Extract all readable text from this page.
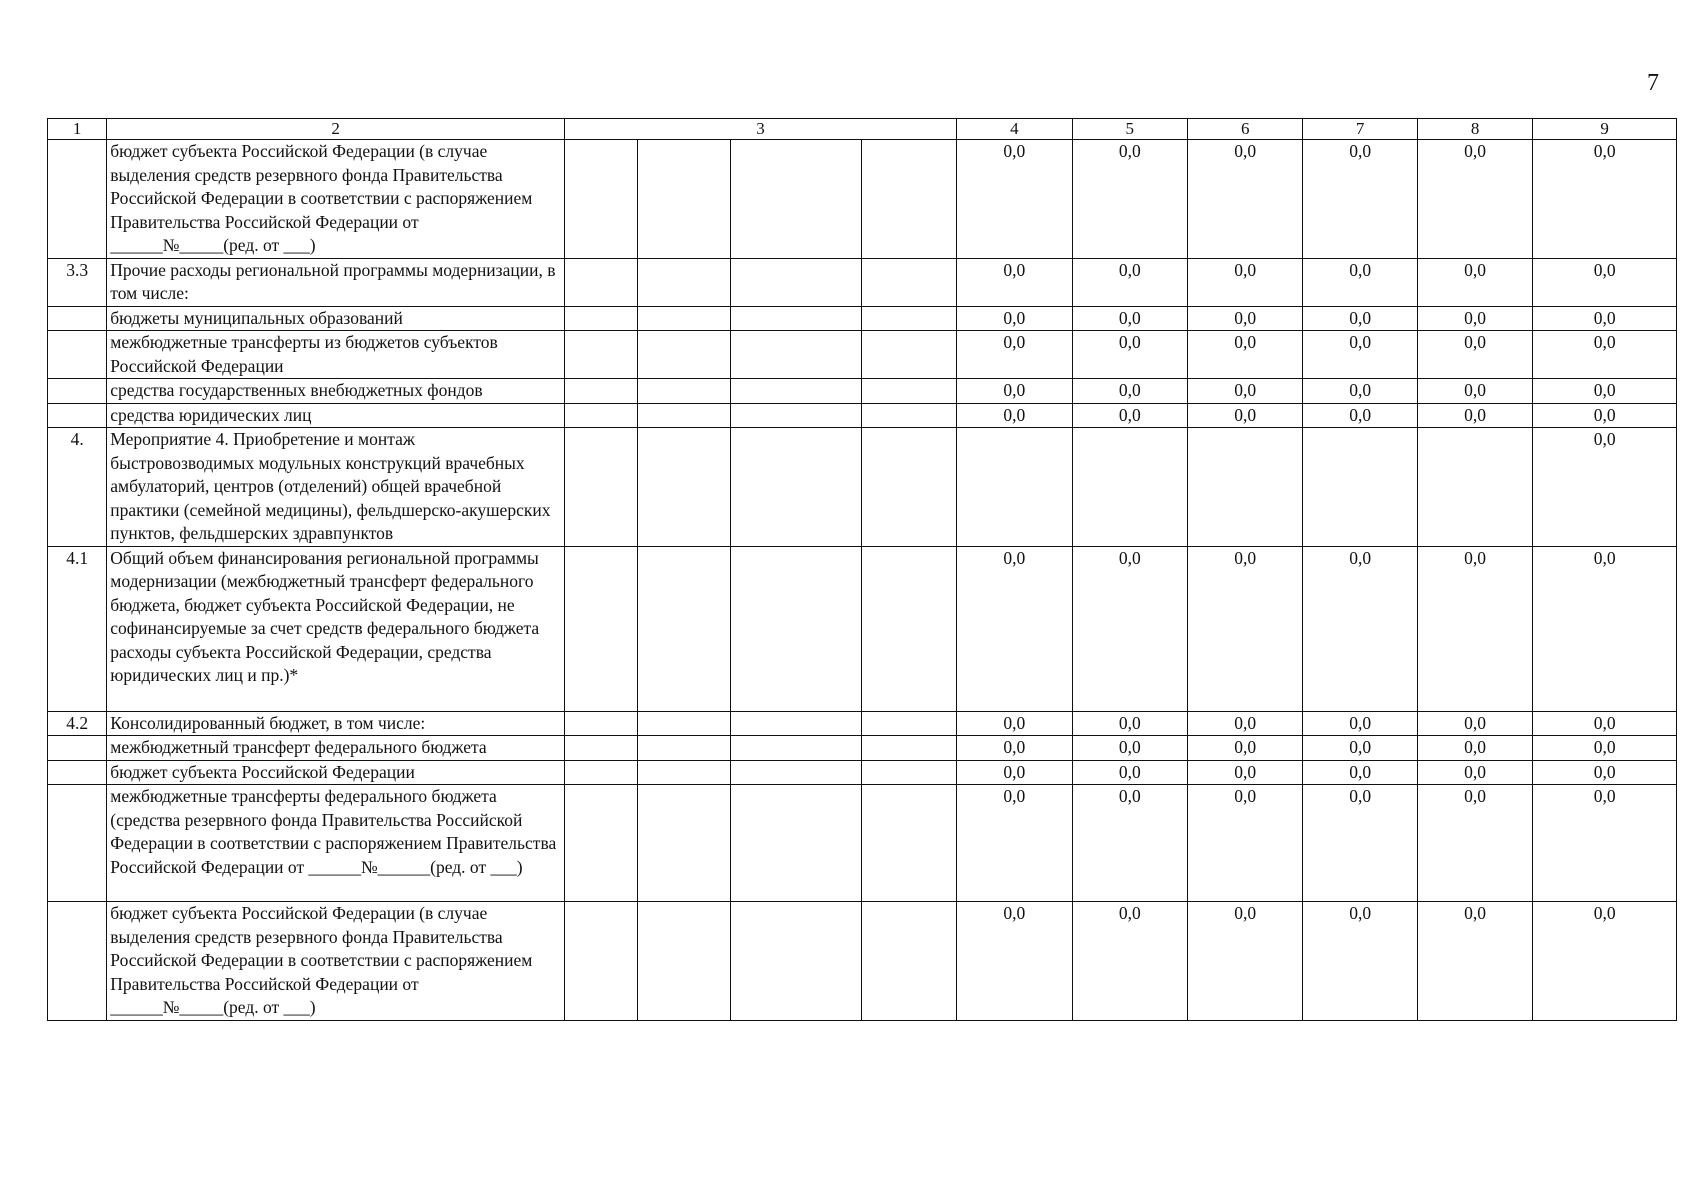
7
1	2	3				4	5	6	7	8	9
	бюджет субъекта Российской Федерации (в случае выделения средств резервного фонда Правительства Российской Федерации в соответствии с распоряжением Правительства Российской Федерации от ______№_____(ред. от ___)					0,0	0,0	0,0	0,0	0,0	0,0
3.3	Прочие расходы региональной программы модернизации, в том числе:					0,0	0,0	0,0	0,0	0,0	0,0
	бюджеты муниципальных образований					0,0	0,0	0,0	0,0	0,0	0,0
	межбюджетные трансферты из бюджетов субъектов Российской Федерации					0,0	0,0	0,0	0,0	0,0	0,0
	средства государственных внебюджетных фондов					0,0	0,0	0,0	0,0	0,0	0,0
	средства юридических лиц					0,0	0,0	0,0	0,0	0,0	0,0
4.	Мероприятие 4. Приобретение и монтаж быстровозводимых модульных конструкций врачебных амбулаторий, центров (отделений) общей врачебной практики (семейной медицины), фельдшерско-акушерских пунктов, фельдшерских здравпунктов										0,0
4.1	Общий объем финансирования региональной программы модернизации (межбюджетный трансферт федерального бюджета, бюджет субъекта Российской Федерации, не софинансируемые за счет средств федерального бюджета расходы субъекта Российской Федерации, средства юридических лиц и пр.)*					0,0	0,0	0,0	0,0	0,0	0,0
4.2	Консолидированный бюджет, в том числе:					0,0	0,0	0,0	0,0	0,0	0,0
	межбюджетный трансферт федерального бюджета					0,0	0,0	0,0	0,0	0,0	0,0
	бюджет субъекта Российской Федерации					0,0	0,0	0,0	0,0	0,0	0,0
	межбюджетные трансферты федерального бюджета (средства резервного фонда Правительства Российской Федерации в соответствии с распоряжением Правительства Российской Федерации от ______№______(ред. от ___)					0,0	0,0	0,0	0,0	0,0	0,0
	бюджет субъекта Российской Федерации (в случае выделения средств резервного фонда Правительства Российской Федерации в соответствии с распоряжением Правительства Российской Федерации от ______№_____(ред. от ___)					0,0	0,0	0,0	0,0	0,0	0,0
